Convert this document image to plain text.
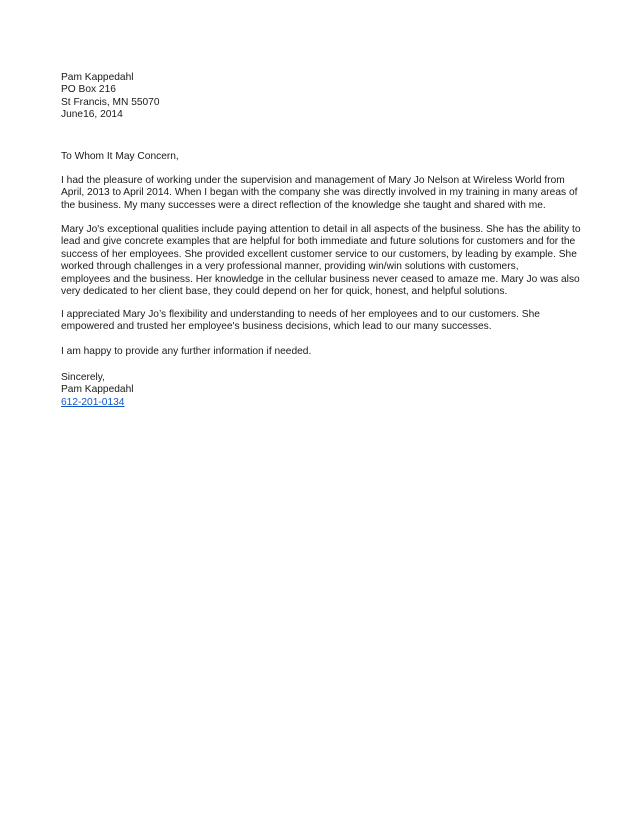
Pam Kappedahl
PO Box 216
St Francis, MN 55070
June16, 2014
To Whom It May Concern,
I had the pleasure of working under the supervision and management of Mary Jo Nelson at Wireless World from
April, 2013 to April 2014. When I began with the company she was directly involved in my training in many areas of
the business. My many successes were a direct reflection of the knowledge she taught and shared with me.
Mary Jo's exceptional qualities include paying attention to detail in all aspects of the business. She has the ability to
lead and give concrete examples that are helpful for both immediate and future solutions for customers and for the
success of her employees. She provided excellent customer service to our customers, by leading by example. She
worked through challenges in a very professional manner, providing win/win solutions with customers,
employees and the business. Her knowledge in the cellular business never ceased to amaze me. Mary Jo was also
very dedicated to her client base, they could depend on her for quick, honest, and helpful solutions.
I appreciated Mary Jo’s flexibility and understanding to needs of her employees and to our customers. She
empowered and trusted her employee's business decisions, which lead to our many successes.
I am happy to provide any further information if needed.
Sincerely,
Pam Kappedahl
612-201-0134
